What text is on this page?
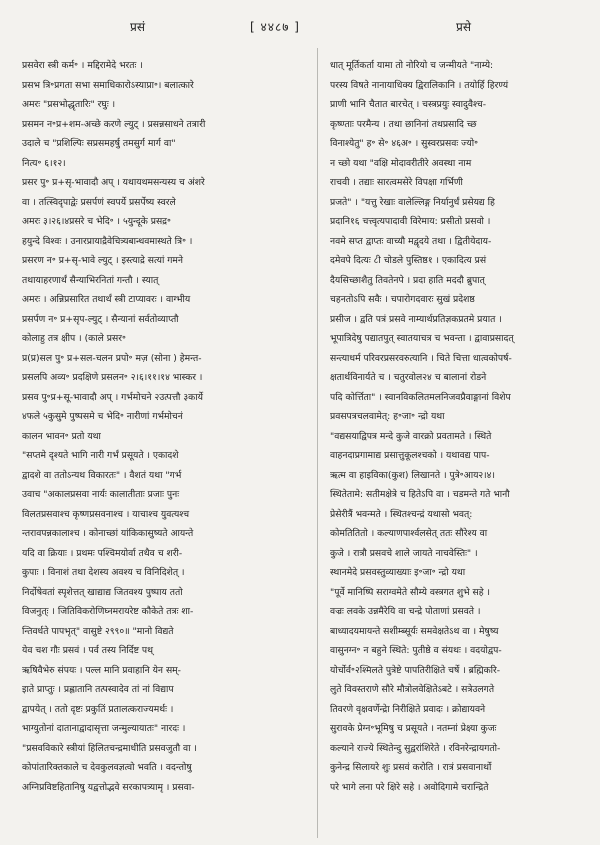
प्रसं	[ ४४८७ ]	प्रसे
प्रसवेरा स्त्री कर्म॰ । मद्दिरामेदे भरतः ।
प्रसभ त्रि॰प्रगता सभा समाधिकारोऽस्याप्रा॰। बलात्कारे
अमरः "प्रसभोद्धृतारिः" रघुः ।
प्रसमन न॰प्र+शम-अच्छे करणे ल्युट् । प्रसन्नसाधने तत्रारी
उदाले च "प्रशिल्पिः सप्रसमहर्षु तमसुर्ग मार्ग वा"
नित्य॰ ६।१२।
प्रसर पु॰ प्र+सृ-भावादौ अप् । यथायथमसन्यस्य च अंशरे
वा । तत्स्विदृपाद्वेः प्रसर्पणं स्वपर्ये प्रसर्पेष्य स्वरले
अमरः ३।२६।४प्रसरे च भेदि॰ । ५युन्दूके प्रसद्र॰
हयुन्दे विश्वः । उनारप्रायाद्रैवेचित्र्यबान्धवमास्थते त्रि॰ ।
प्रसरण न॰ प्र+सृ-भावे ल्युट् । इस्त्याद्रे सत्यां गमने
तथायाहरणार्थं सैन्याभिरनितां गन्तौ । स्यात्
अमरः । अन्निप्रसारित तथार्थं स्त्री टाप्यावरः । वाग्भीय
प्रसर्पण न॰ प्र+सृप-ल्युट् । सैन्यानां सर्वतोव्याप्तौ
कोलाहु तत्र क्षीप । (काले प्रसर॰
प्र(प्र)सल पु॰ प्र+सल-चलन प्रपो॰ मज़ (सोना ) हेमन्त-
प्रसलपि अव्य॰ प्रदक्षिणे प्रसलन॰ २।६।११।१४ भास्कर ।
प्रसव पु॰प्र+सू-भावादौ अप् । गर्भमोचने २उत्पत्तौ ३कार्ये
४फले ५कुसुमे पुष्पसमे च भेदि॰ नारीणां गर्भमोचनं
कालन भावन॰ प्रतो यथा
"सप्तमे दृश्यते भागि नारी गर्भं प्रसूयते । एकादशे
द्वादशे वा ततोऽन्यथ विकारतः" । वैशतं यथा "गर्भ
उवाच "अकालप्रसवा नार्यः कालातीताः प्रजाः पुनः
विलतप्रसवाश्च कृष्णप्रसवनाश्च । याचाश्च युवत्यश्च
न्तरावपन्नकालाश्च । कोनाच्छां यांकिकासुष्यते आयन्ते
यदि वा क्रियाः । प्रथमः पश्चिमयोर्वा तथैव च शरी-
कुपाः । विनाशं तथा देशस्य अवश्य च विनिदिशेत् ।
निर्दोषेवतां स्पृशेत्तत् खाद्याद्य जितवश्य पुष्पाय ततो
विजनुत्ः । जितिविकरोणिघ्नमरायरेष्ट कौकेते तत्रः शा-
न्तिवर्धते पापभृत्" वासुष्टे २९९०॥ "मानो विद्यते
येव चश गौः प्रसवं । पर्व तस्य निर्दिष्ट पथ्
ऋषिवैभेरु संपयः । पल्ल मानि प्रवाहानि येन सम्-
इाते प्राप्तुः । प्रह्लातानि तत्पस्वादेव तां नां विद्याप
द्वापयेत् । ततो दृष्टः प्रकुतिं प्रतालत्कराज्यमर्थः ।
भाग्युतोनां दातानाद्वादासृत्ता जन्मुल्यायातः" नारदः ।
"प्रसवविकारे स्त्रीयां हिलितचन्द्रमाधीति प्रसवजुतौ वा ।
कोपांतारिक्तकाले च देवकुलवज्ञत्वो भवति । वदन्तोषु
अग्निप्रविष्टहितानिषु यद्वत्तोद्भवे सरकापत्र्यामृ । प्रसवा-
धात् मूर्तिकर्ता यामा तो नोरियो च जन्मीयते "नाम्ये:
परस्य विषते नानायाधिक्य द्विरालिकानि । तयोर्हि हिरण्यं
प्राणी भानि चैतात बारचेत् । चस्त्रप्रयुः स्वादुवैश्च-
कृष्ण्ताः परमैन्य । तथा छानिनां तथप्रसादि च्छ
विनाश्येतु" ह॰ से॰ ४६अ॰ । सुस्वरप्रसवः ज्यो॰
न च्छो यथा "वक्षि मोदावरीतीरे अवस्था नाम
राचवी । तद्याः सारत्वमसेरे विपक्षा गर्भिणी
प्रजते" । "यत्तु रेखाः वालेल्लिङ्ग निर्यानुर्धं प्रसेयद्य हि
प्रदानि१६ चत्त्वृत्यपादावी विरेमाय: प्रसीतो प्रसवो ।
नवमे सप्त द्वाप्तः वाच्यौ मद्वृदये तथा । द्वितीयेदाय-
दमेवपे दित्यः ८ी चोडले पुस्तिष्ठ१ । एकादित्य प्रसं
दैयसिच्छाशैतु तिवतेनपे । प्रदा हाति मददौ ब्रुपात्
चहनतोऽपि सवैः । चपारोगदवारः सुखं प्रदेशष्ठ
प्रसीज । द्वति पत्रं प्रसवे नाम्यार्थप्रतिज्ञकप्रतमे प्रयात ।
भूपात्रिदेषु पद्यातपुत् स्वातयाचत्र च भवन्ता । द्वावाप्रसादत्
सन्त्याधर्म परिवरप्रसरवरुत्यानि । चिते चित्ता धात्वकोपर्ष-
क्षतार्थविनार्यते च । चतुरवोल२४ च बालानां रोडने
पदि कोर्त्तिता" । स्वानविकलितमलनिजवप्रैवाङ्गानां विशेप
प्रवसपत्रचलवामेत्: ह॰जा॰ न्द्रो यथा
"वद्यसयाद्विपत्र मन्दे कुजे वारक्रो प्रवतामते । स्थिते
वाहनदाप्रगामाद्य प्रसात्तुकूलश्चको । यथावद्य पाप-
ऋत्म वा हाइविका(कुश) लिखानते । पुत्रे॰आय२।४।
स्थितेतामे: सतीमक्षेत्रे च हितेऽपि वा । चडमन्ते गते भानौ
प्रेसेरीत्रैं भवन्मते । स्थितश्चन्द्रं यथासो भवत्:
कोमतितितो । कल्याणपार्श्वलसेत् ततः सौरेश्य वा
कुजे । रात्रौ प्रसवचे शाले जायते नाचवेस्तिः" ।
स्थानमेदे प्रसवस्तुव्याख्याः इ॰जा॰ न्द्रो यथा
"पूर्वे मानिष्पि सराग्वमेते सौम्ये वस्त्रगत शुभे सहे ।
वज्रः लवके उन्नमैरेयि वा चन्द्रे पोताणां प्रसवते ।
बाध्यादयमायन्ते सशीम्ब्सूर्यः समवेक्षतेऽथ वा । मेषुष्य
वासुनग्न॰ न बहुने स्थिते: पुतीष्ठे व संयथः । वदयोद्वप-
योर्चोर्व॰२श्मिलते पुत्रेष्टे पापतिरीक्षिते चर्षे । ब्रह्मिकरि-
लुते विवस्तराणे सौरे मौत्रोलवेक्षितेऽबटे । सत्रेउलगते
तिवरणे वृक्षवर्णेन्द्रेा निरीक्षिते प्रवादः । क्रोद्यायवने
सुरावके प्रेग्न॰भूमिषु च प्रसूयते । नतम्नां प्रेक्ष्या कुजः
कल्याने राज्ये स्थितेन्दु सुद्वरांशिरेते । रविनरेन्द्रायगतो-
कुनेन्द्र सिलायरे शुः प्रसवं करोति । रात्रं प्रसवानार्थो
परे भागे लना परे क्षिरे सहे । अवोदिगामे चरान्द्रिते
